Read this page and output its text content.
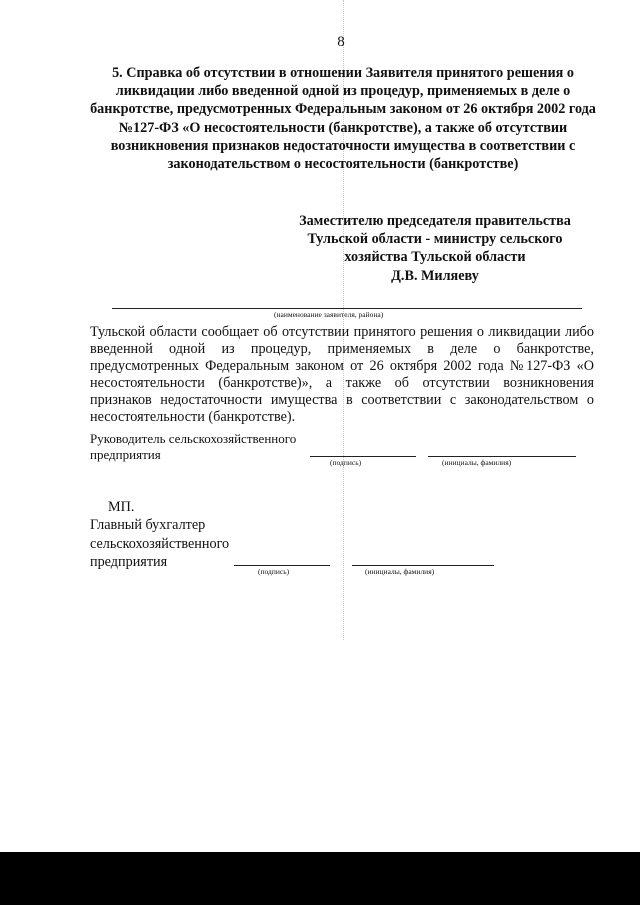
8
5. Справка об отсутствии в отношении Заявителя принятого решения о ликвидации либо введенной одной из процедур, применяемых в деле о банкротстве, предусмотренных Федеральным законом от 26 октября 2002 года №127-ФЗ «О несостоятельности (банкротстве), а также об отсутствии возникновения признаков недостаточности имущества в соответствии с законодательством о несостоятельности (банкротстве)
Заместителю председателя правительства
Тульской области - министру сельского
хозяйства Тульской области
Д.В. Миляеву
(наименование заявителя, района)
Тульской области сообщает об отсутствии принятого решения о ликвидации либо введенной одной из процедур, применяемых в деле о банкротстве, предусмотренных Федеральным законом от 26 октября 2002 года №127-ФЗ «О несостоятельности (банкротстве)», а также об отсутствии возникновения признаков недостаточности имущества в соответствии с законодательством о несостоятельности (банкротстве).
Руководитель сельскохозяйственного
предприятия
(подпись)	(инициалы, фамилия)
МП.
Главный бухгалтер
сельскохозяйственного
предприятия
(подпись)	(инициалы, фамилия)
